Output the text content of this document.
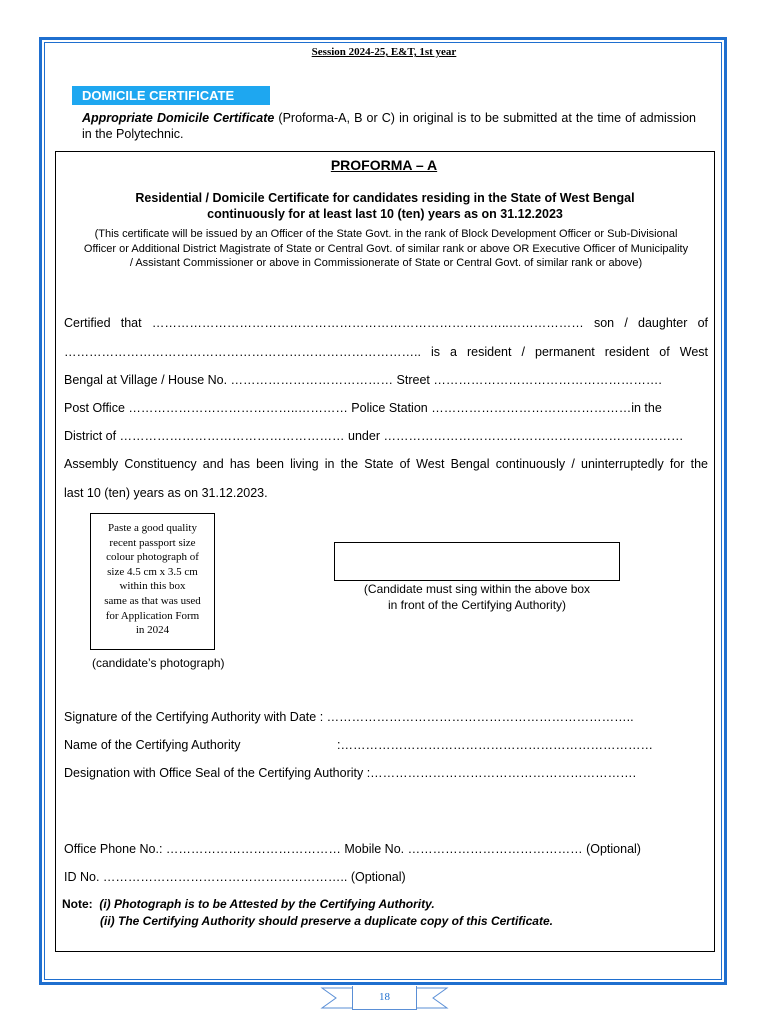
Session 2024-25, E&T, 1st year
DOMICILE CERTIFICATE
Appropriate Domicile Certificate (Proforma-A, B or C) in original is to be submitted at the time of admission in the Polytechnic.
PROFORMA – A
Residential / Domicile Certificate for candidates residing in the State of West Bengal
continuously for at least last 10 (ten) years as on 31.12.2023
(This certificate will be issued by an Officer of the State Govt. in the rank of Block Development Officer or Sub-Divisional
Officer or Additional District Magistrate of State or Central Govt. of similar rank or above OR Executive Officer of Municipality
/ Assistant Commissioner or above in Commissionerate of State or Central Govt. of similar rank or above)
Certified that …………………………………………………………………………..……………… son / daughter of
………………………………………………………………………….. is a resident / permanent resident of West
Bengal at Village / House No. ………………………………… Street ……………………………………………….
Post Office …………………………………..………… Police Station …………………………………………in the
District of ……………………………………………… under ………………………………………………………………
Assembly Constituency and has been living in the State of West Bengal continuously / uninterruptedly for the
last 10 (ten) years as on 31.12.2023.
Paste a good quality
recent passport size
colour photograph of
size 4.5 cm x 3.5 cm
within this box
same as that was used
for Application Form
in 2024
(candidate’s photograph)
(Candidate must sing within the above box
in front of the Certifying Authority)
Signature of the Certifying Authority with Date : ………………………………………………………………..
Name of the Certifying Authority	:…………………………………………………………………
Designation with Office Seal of the Certifying Authority :……………………………………………………….
Office Phone No.: …………………………………… Mobile No. …………………………………… (Optional)
ID No. ………………………………………………….. (Optional)
Note: (i) Photograph is to be Attested by the Certifying Authority.
(ii) The Certifying Authority should preserve a duplicate copy of this Certificate.
18
